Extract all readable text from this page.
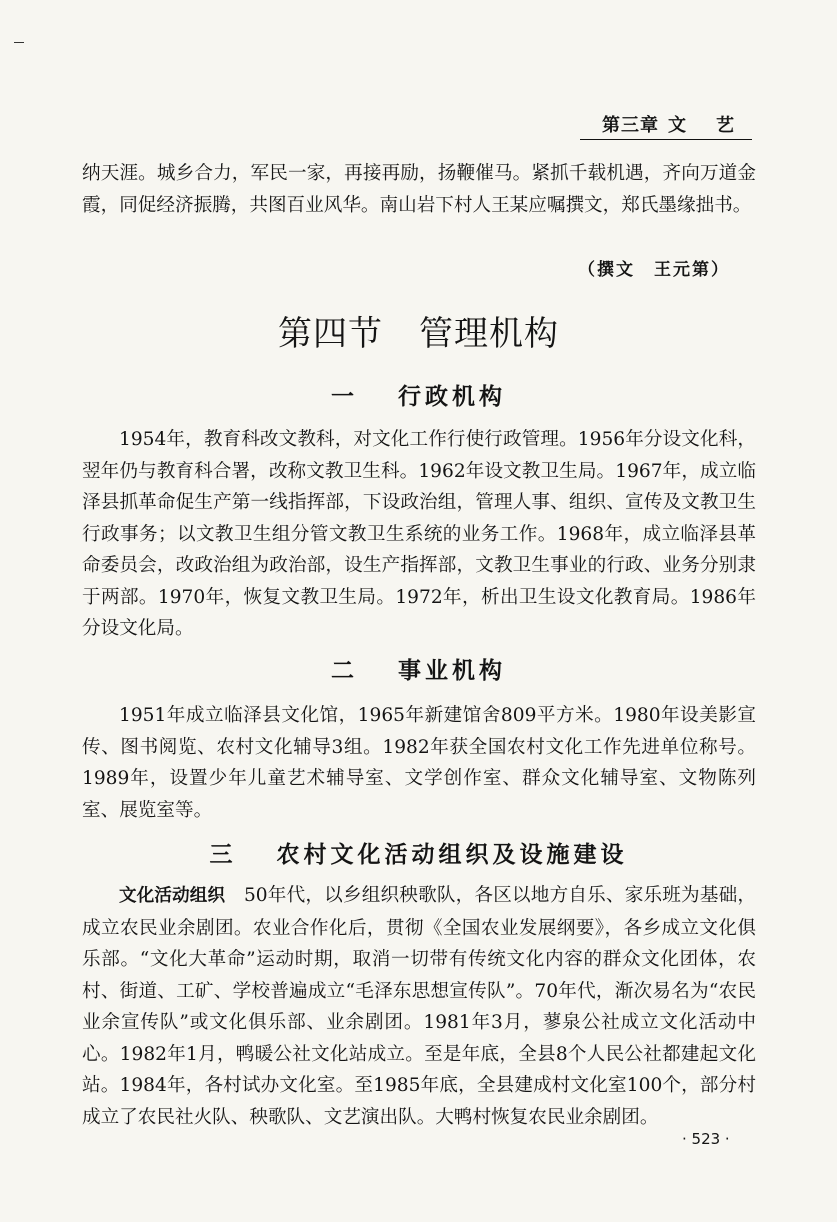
第三章 文艺

纳天涯。城乡合力，军民一家，再接再励，扬鞭催马。紧抓千载机遇，齐向万道金霞，同促经济振腾，共图百业风华。南山岩下村人王某应嘱撰文，郑氏墨缘拙书。

（撰文　王元第）
第四节 管理机构
一 行政机构

1954年，教育科改文教科，对文化工作行使行政管理。1956年分设文化科，翌年仍与教育科合署，改称文教卫生科。1962年设文教卫生局。1967年，成立临泽县抓革命促生产第一线指挥部，下设政治组，管理人事、组织、宣传及文教卫生行政事务；以文教卫生组分管文教卫生系统的业务工作。1968年，成立临泽县革命委员会，改政治组为政治部，设生产指挥部，文教卫生事业的行政、业务分别隶于两部。1970年，恢复文教卫生局。1972年，析出卫生设文化教育局。1986年分设文化局。

二 事业机构

1951年成立临泽县文化馆，1965年新建馆舍809平方米。1980年设美影宣传、图书阅览、农村文化辅导3组。1982年获全国农村文化工作先进单位称号。1989年，设置少年儿童艺术辅导室、文学创作室、群众文化辅导室、文物陈列室、展览室等。

三 农村文化活动组织及设施建设

文化活动组织　 50年代，以乡组织秧歌队，各区以地方自乐、家乐班为基础，成立农民业余剧团。农业合作化后，贯彻《全国农业发展纲要》，各乡成立文化俱乐部。“文化大革命”运动时期，取消一切带有传统文化内容的群众文化团体，农村、街道、工矿、学校普遍成立“毛泽东思想宣传队”。70年代，渐次易名为“农民业余宣传队”或文化俱乐部、业余剧团。1981年3月，蓼泉公社成立文化活动中心。1982年1月，鸭暖公社文化站成立。至是年底，全县8个人民公社都建起文化站。1984年，各村试办文化室。至1985年底，全县建成村文化室100个，部分村成立了农民社火队、秧歌队、文艺演出队。大鸭村恢复农民业余剧团。

· 523 ·
